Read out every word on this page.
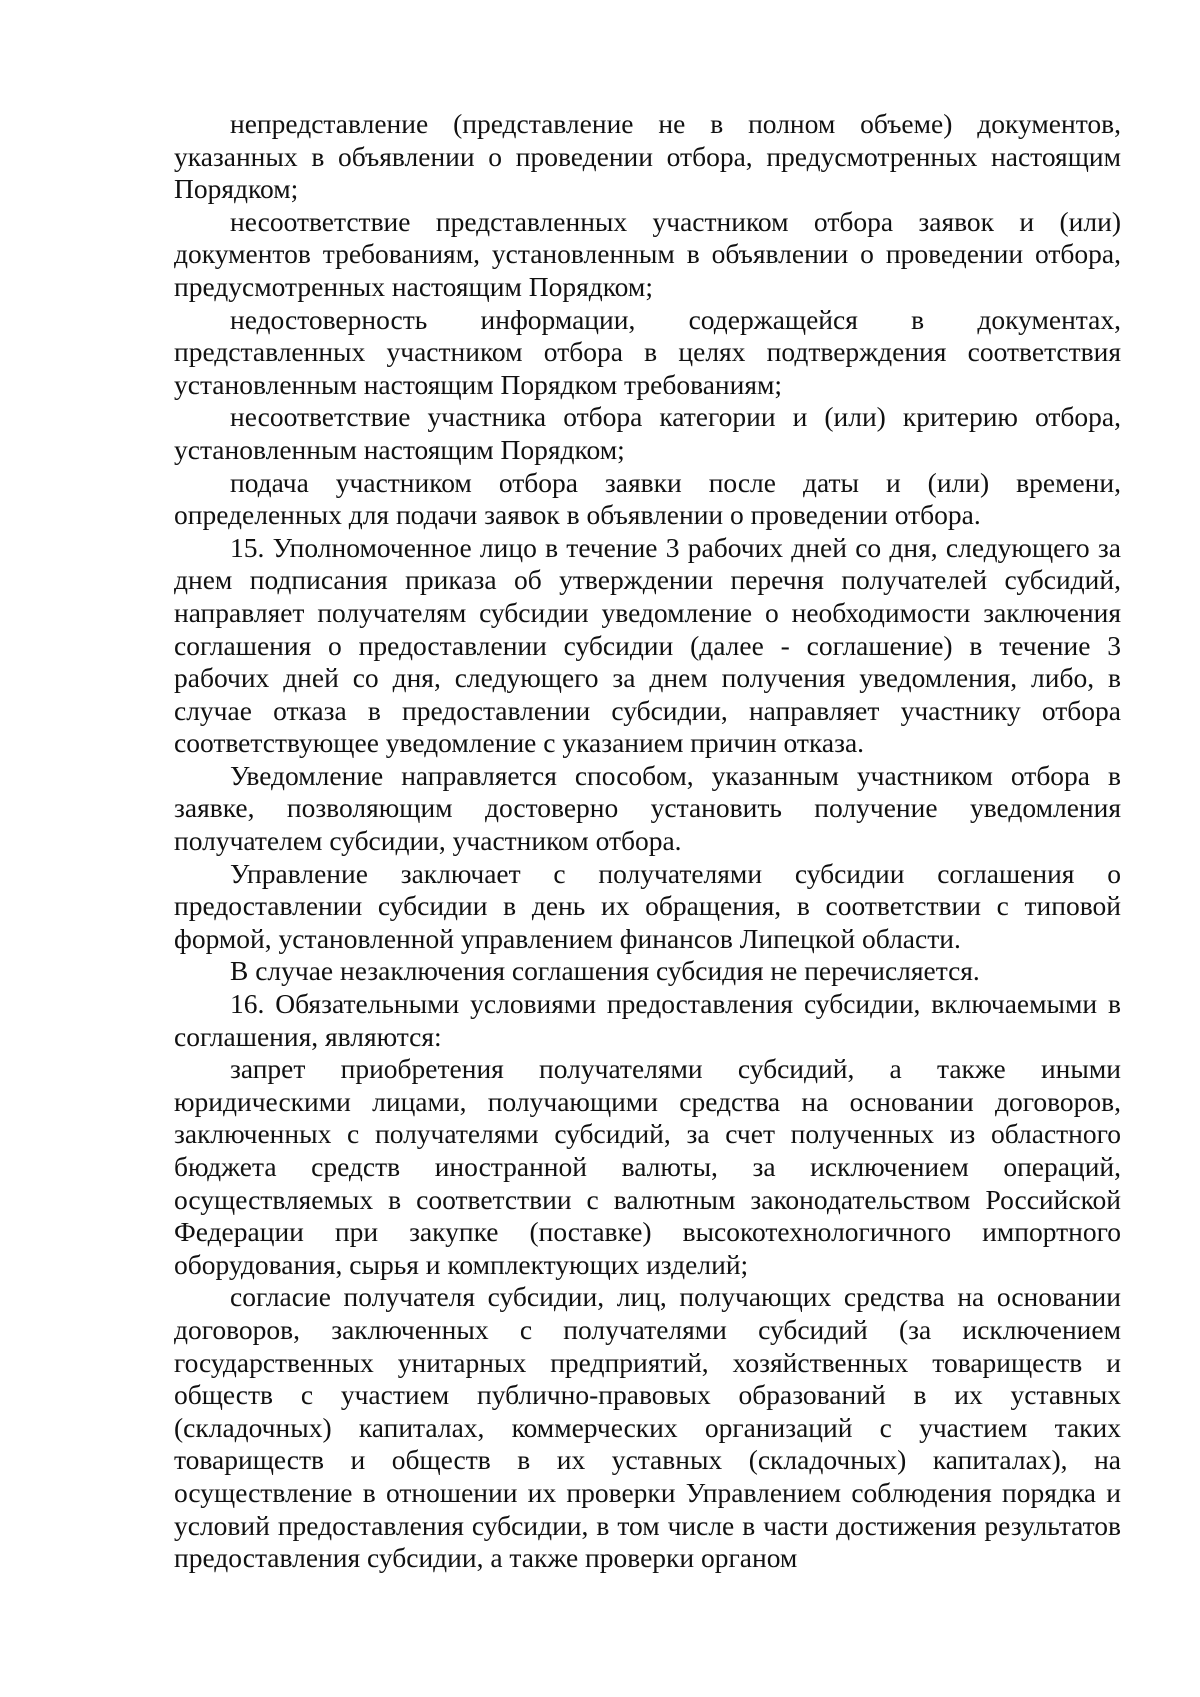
непредставление (представление не в полном объеме) документов, указанных в объявлении о проведении отбора, предусмотренных настоящим Порядком;

несоответствие представленных участником отбора заявок и (или) документов требованиям, установленным в объявлении о проведении отбора, предусмотренных настоящим Порядком;

недостоверность информации, содержащейся в документах, представленных участником отбора в целях подтверждения соответствия установленным настоящим Порядком требованиям;

несоответствие участника отбора категории и (или) критерию отбора, установленным настоящим Порядком;

подача участником отбора заявки после даты и (или) времени, определенных для подачи заявок в объявлении о проведении отбора.

15. Уполномоченное лицо в течение 3 рабочих дней со дня, следующего за днем подписания приказа об утверждении перечня получателей субсидий, направляет получателям субсидии уведомление о необходимости заключения соглашения о предоставлении субсидии (далее - соглашение) в течение 3 рабочих дней со дня, следующего за днем получения уведомления, либо, в случае отказа в предоставлении субсидии, направляет участнику отбора соответствующее уведомление с указанием причин отказа.

Уведомление направляется способом, указанным участником отбора в заявке, позволяющим достоверно установить получение уведомления получателем субсидии, участником отбора.

Управление заключает с получателями субсидии соглашения о предоставлении субсидии в день их обращения, в соответствии с типовой формой, установленной управлением финансов Липецкой области.

В случае незаключения соглашения субсидия не перечисляется.

16. Обязательными условиями предоставления субсидии, включаемыми в соглашения, являются:

запрет приобретения получателями субсидий, а также иными юридическими лицами, получающими средства на основании договоров, заключенных с получателями субсидий, за счет полученных из областного бюджета средств иностранной валюты, за исключением операций, осуществляемых в соответствии с валютным законодательством Российской Федерации при закупке (поставке) высокотехнологичного импортного оборудования, сырья и комплектующих изделий;

согласие получателя субсидии, лиц, получающих средства на основании договоров, заключенных с получателями субсидий (за исключением государственных унитарных предприятий, хозяйственных товариществ и обществ с участием публично-правовых образований в их уставных (складочных) капиталах, коммерческих организаций с участием таких товариществ и обществ в их уставных (складочных) капиталах), на осуществление в отношении их проверки Управлением соблюдения порядка и условий предоставления субсидии, в том числе в части достижения результатов предоставления субсидии, а также проверки органом
